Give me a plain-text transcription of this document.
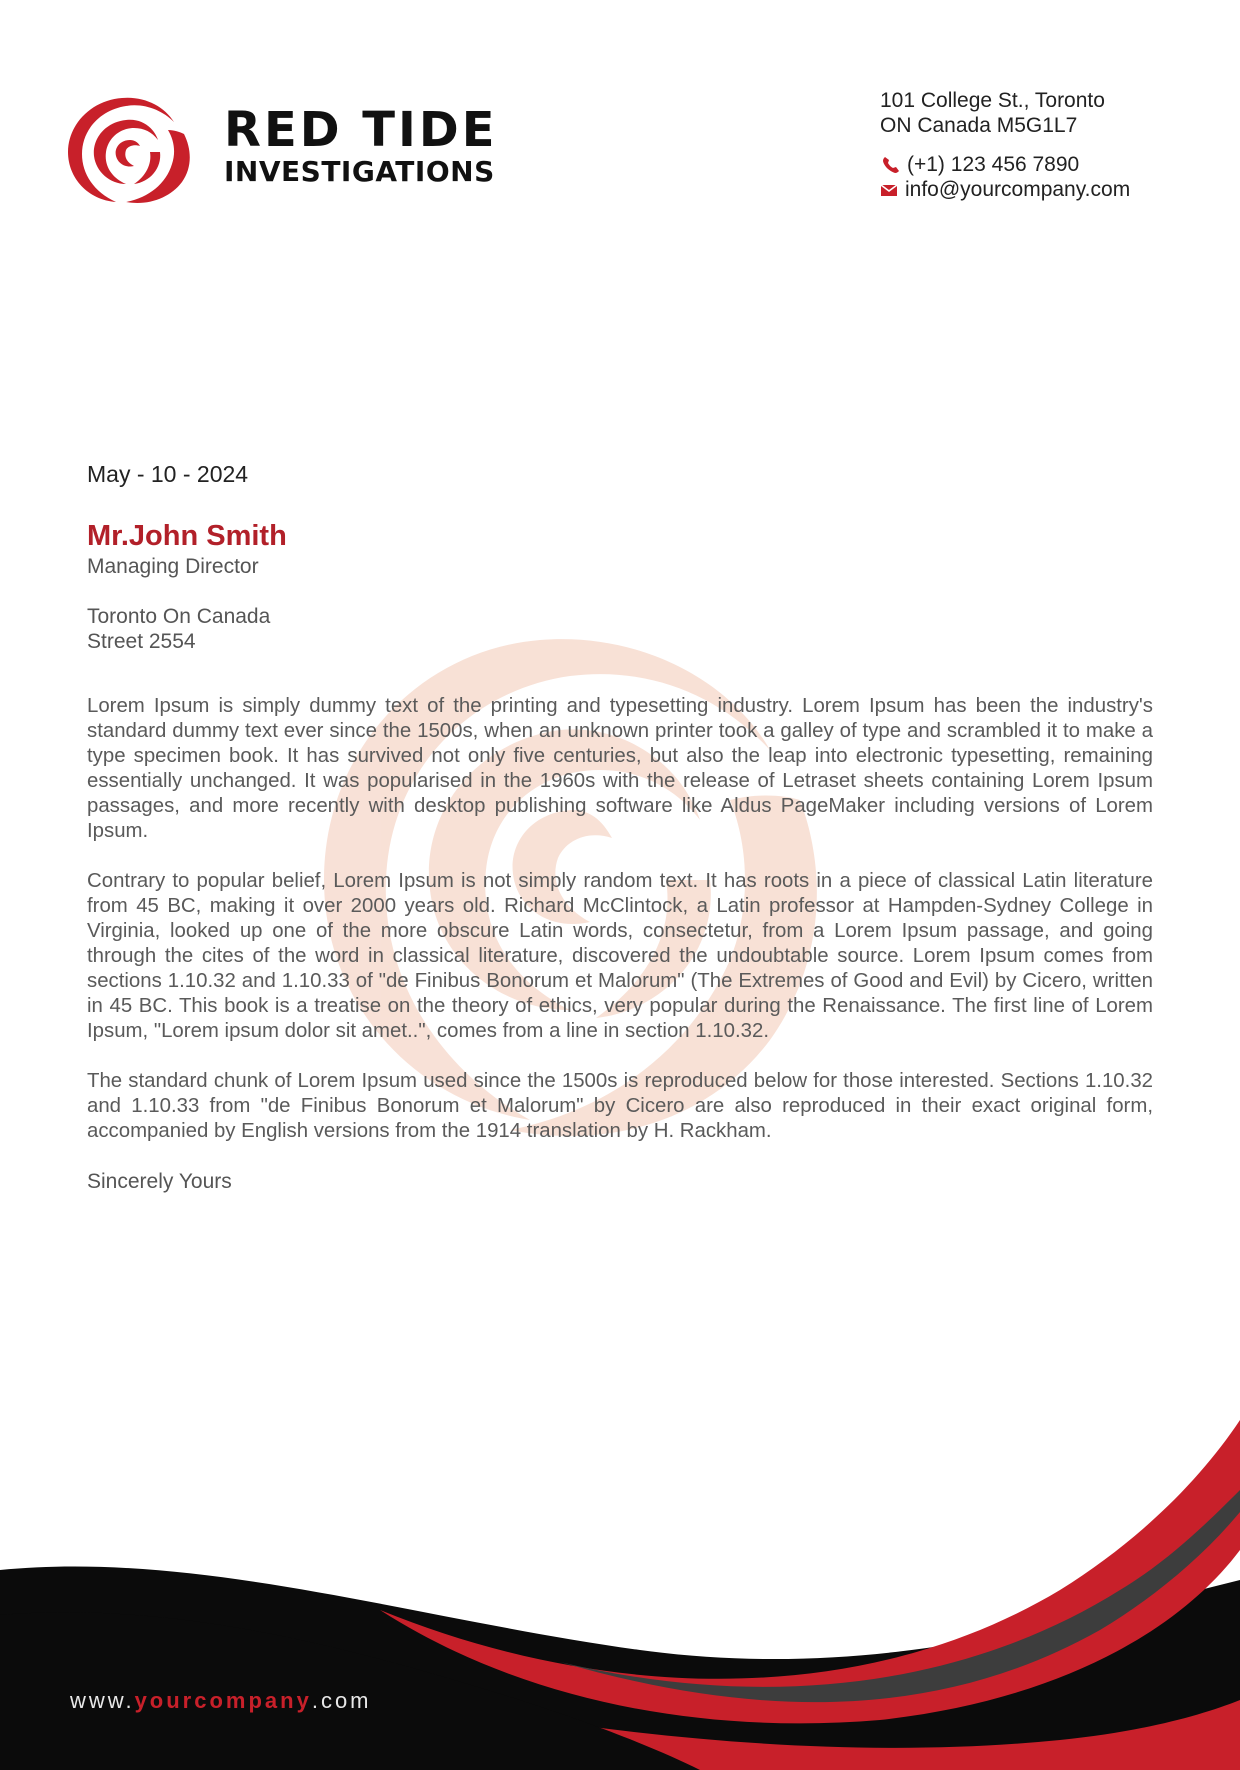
RED TIDE
INVESTIGATIONS
101 College St., Toronto
ON Canada M5G1L7
(+1) 123 456 7890
info@yourcompany.com
May - 10 - 2024
Mr.John Smith
Managing Director
Toronto On Canada
Street 2554

Lorem Ipsum is simply dummy text of the printing and typesetting industry. Lorem Ipsum has been the industry's standard dummy text ever since the 1500s, when an unknown printer took a galley of type and scrambled it to make a type specimen book. It has survived not only five centuries, but also the leap into electronic typesetting, remaining essentially unchanged. It was popularised in the 1960s with the release of Letraset sheets containing Lorem Ipsum passages, and more recently with desktop publishing software like Aldus PageMaker including versions of Lorem Ipsum.

Contrary to popular belief, Lorem Ipsum is not simply random text. It has roots in a piece of classical Latin literature from 45 BC, making it over 2000 years old. Richard McClintock, a Latin professor at Hampden-Sydney College in Virginia, looked up one of the more obscure Latin words, consectetur, from a Lorem Ipsum passage, and going through the cites of the word in classical literature, discovered the undoubtable source. Lorem Ipsum comes from sections 1.10.32 and 1.10.33 of "de Finibus Bonorum et Malorum" (The Extremes of Good and Evil) by Cicero, written in 45 BC. This book is a treatise on the theory of ethics, very popular during the Renaissance. The first line of Lorem Ipsum, "Lorem ipsum dolor sit amet..", comes from a line in section 1.10.32.

The standard chunk of Lorem Ipsum used since the 1500s is reproduced below for those interested. Sections 1.10.32 and 1.10.33 from "de Finibus Bonorum et Malorum" by Cicero are also reproduced in their exact original form, accompanied by English versions from the 1914 translation by H. Rackham.

Sincerely Yours
www.yourcompany.com
